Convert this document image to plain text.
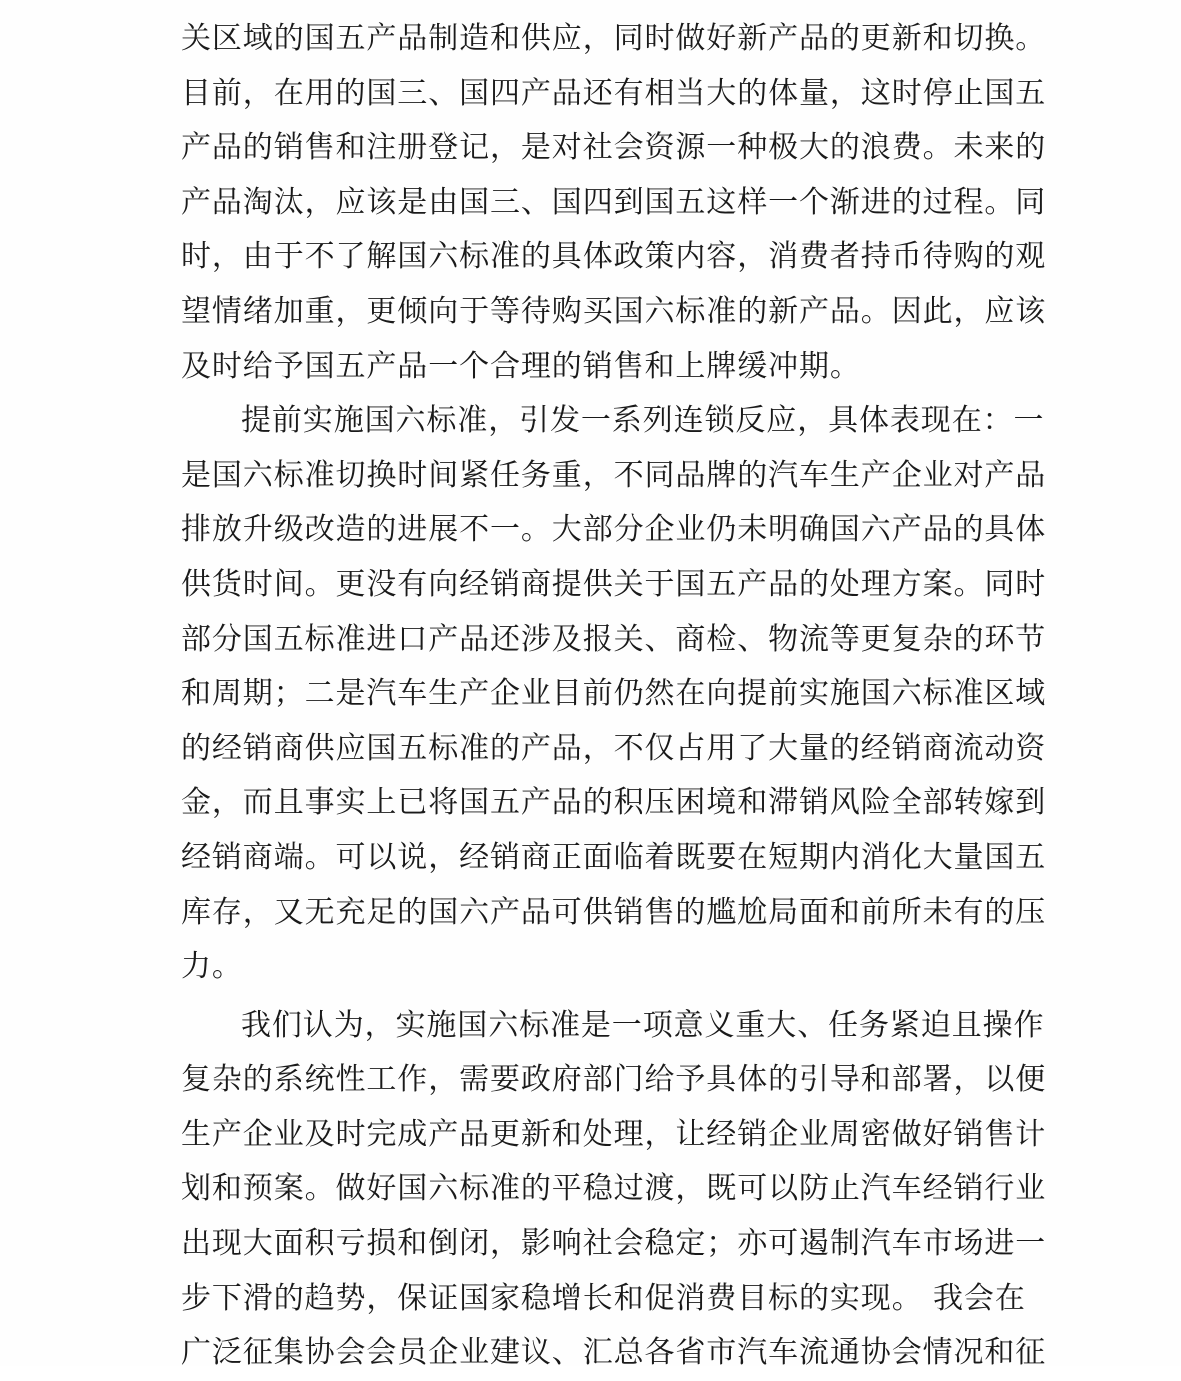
关区域的国五产品制造和供应，同时做好新产品的更新和切换。
目前，在用的国三、国四产品还有相当大的体量，这时停止国五
产品的销售和注册登记，是对社会资源一种极大的浪费。未来的
产品淘汰，应该是由国三、国四到国五这样一个渐进的过程。同
时，由于不了解国六标准的具体政策内容，消费者持币待购的观
望情绪加重，更倾向于等待购买国六标准的新产品。因此，应该
及时给予国五产品一个合理的销售和上牌缓冲期。
提前实施国六标准，引发一系列连锁反应，具体表现在：一
是国六标准切换时间紧任务重，不同品牌的汽车生产企业对产品
排放升级改造的进展不一。大部分企业仍未明确国六产品的具体
供货时间。更没有向经销商提供关于国五产品的处理方案。同时
部分国五标准进口产品还涉及报关、商检、物流等更复杂的环节
和周期；二是汽车生产企业目前仍然在向提前实施国六标准区域
的经销商供应国五标准的产品，不仅占用了大量的经销商流动资
金，而且事实上已将国五产品的积压困境和滞销风险全部转嫁到
经销商端。可以说，经销商正面临着既要在短期内消化大量国五
库存，又无充足的国六产品可供销售的尴尬局面和前所未有的压
力。
我们认为，实施国六标准是一项意义重大、任务紧迫且操作
复杂的系统性工作，需要政府部门给予具体的引导和部署，以便
生产企业及时完成产品更新和处理，让经销企业周密做好销售计
划和预案。做好国六标准的平稳过渡，既可以防止汽车经销行业
出现大面积亏损和倒闭，影响社会稳定；亦可遏制汽车市场进一
步下滑的趋势，保证国家稳增长和促消费目标的实现。 我会在
广泛征集协会会员企业建议、汇总各省市汽车流通协会情况和征
